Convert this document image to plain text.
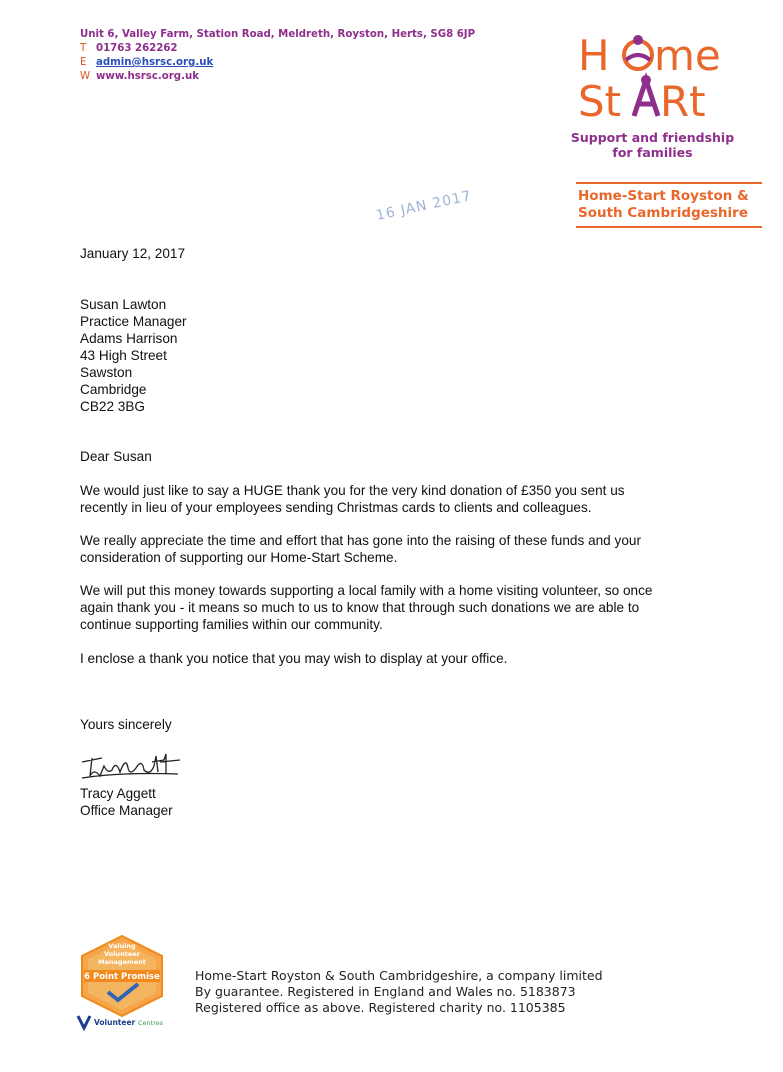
Unit 6, Valley Farm, Station Road, Meldreth, Royston, Herts, SG8 6JP
T 01763 262262
E admin@hsrsc.org.uk
W www.hsrsc.org.uk	H me
St Rt
Support and friendship
for families
Home-Start Royston &
South Cambridgeshire
16 JAN 2017
January 12, 2017
Susan Lawton
Practice Manager
Adams Harrison
43 High Street
Sawston
Cambridge
CB22 3BG
Dear Susan
We would just like to say a HUGE thank you for the very kind donation of £350 you sent us
recently in lieu of your employees sending Christmas cards to clients and colleagues.
We really appreciate the time and effort that has gone into the raising of these funds and your
consideration of supporting our Home-Start Scheme.
We will put this money towards supporting a local family with a home visiting volunteer, so once
again thank you - it means so much to us to know that through such donations we are able to
continue supporting families within our community.
I enclose a thank you notice that you may wish to display at your office.
Yours sincerely
Tracy Aggett
Office Manager
Valuing
Volunteer
Management
6 Point Promise
Volunteer Centres
Home-Start Royston & South Cambridgeshire, a company limited
By guarantee. Registered in England and Wales no. 5183873
Registered office as above. Registered charity no. 1105385
